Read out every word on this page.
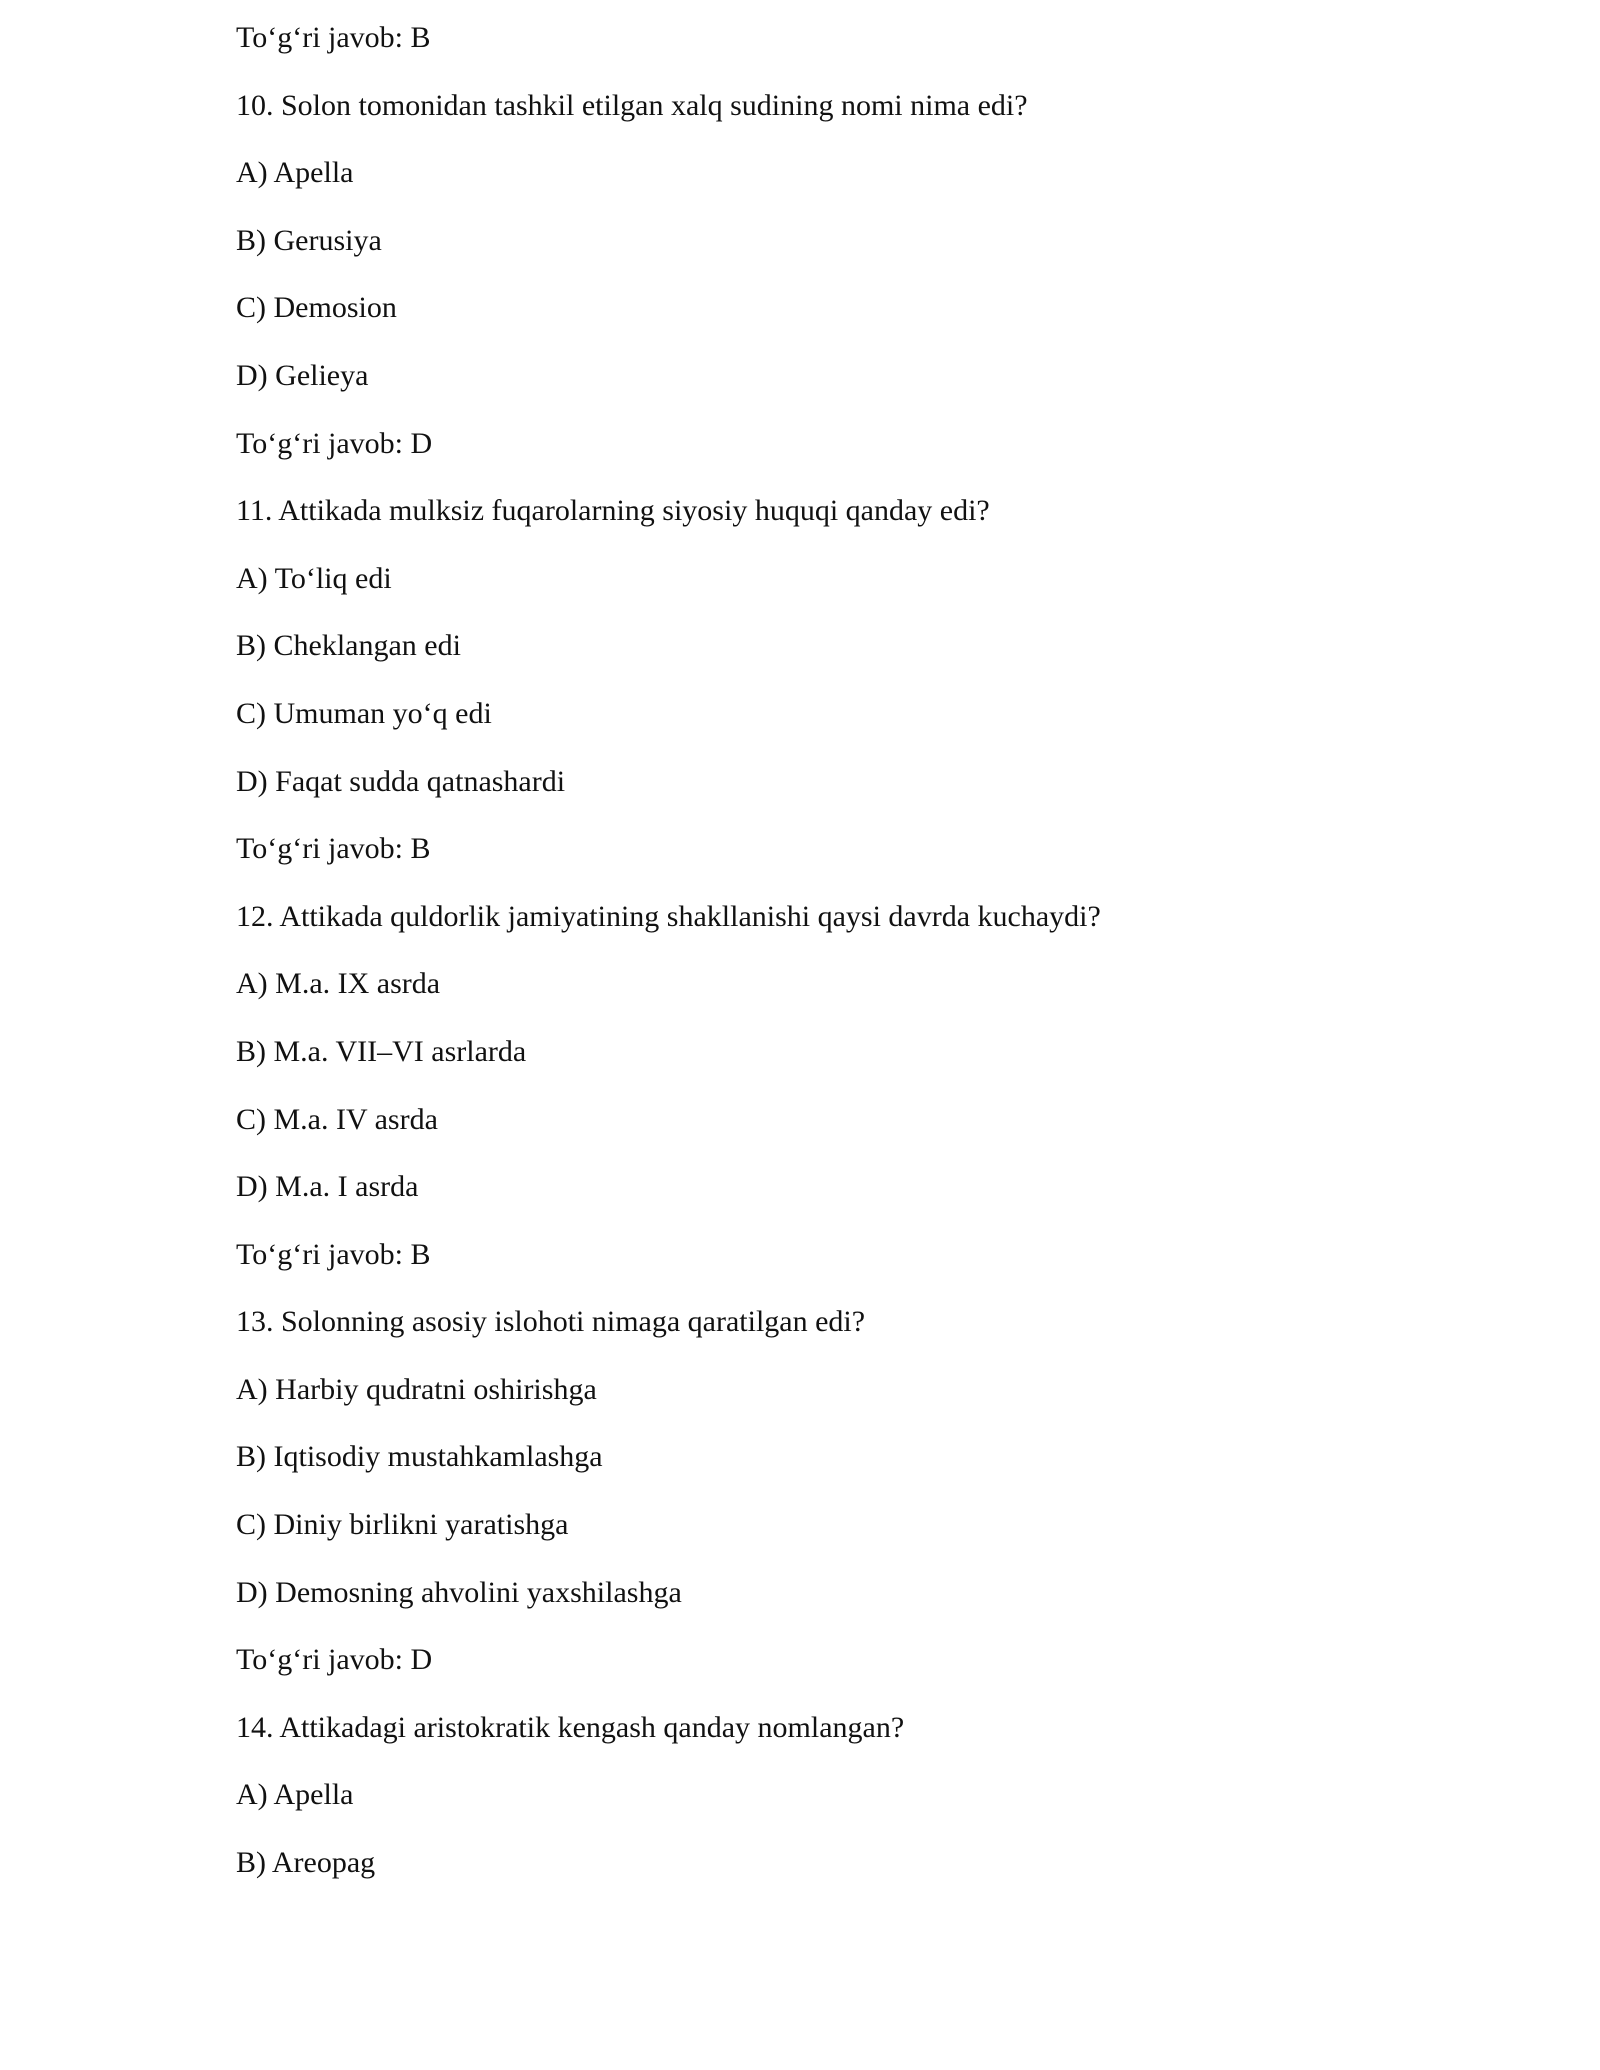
To‘g‘ri javob: B
10. Solon tomonidan tashkil etilgan xalq sudining nomi nima edi?
A) Apella
B) Gerusiya
C) Demosion
D) Gelieya
To‘g‘ri javob: D
11. Attikada mulksiz fuqarolarning siyosiy huquqi qanday edi?
A) To‘liq edi
B) Cheklangan edi
C) Umuman yo‘q edi
D) Faqat sudda qatnashardi
To‘g‘ri javob: B
12. Attikada quldorlik jamiyatining shakllanishi qaysi davrda kuchaydi?
A) M.a. IX asrda
B) M.a. VII–VI asrlarda
C) M.a. IV asrda
D) M.a. I asrda
To‘g‘ri javob: B
13. Solonning asosiy islohoti nimaga qaratilgan edi?
A) Harbiy qudratni oshirishga
B) Iqtisodiy mustahkamlashga
C) Diniy birlikni yaratishga
D) Demosning ahvolini yaxshilashga
To‘g‘ri javob: D
14. Attikadagi aristokratik kengash qanday nomlangan?
A) Apella
B) Areopag
